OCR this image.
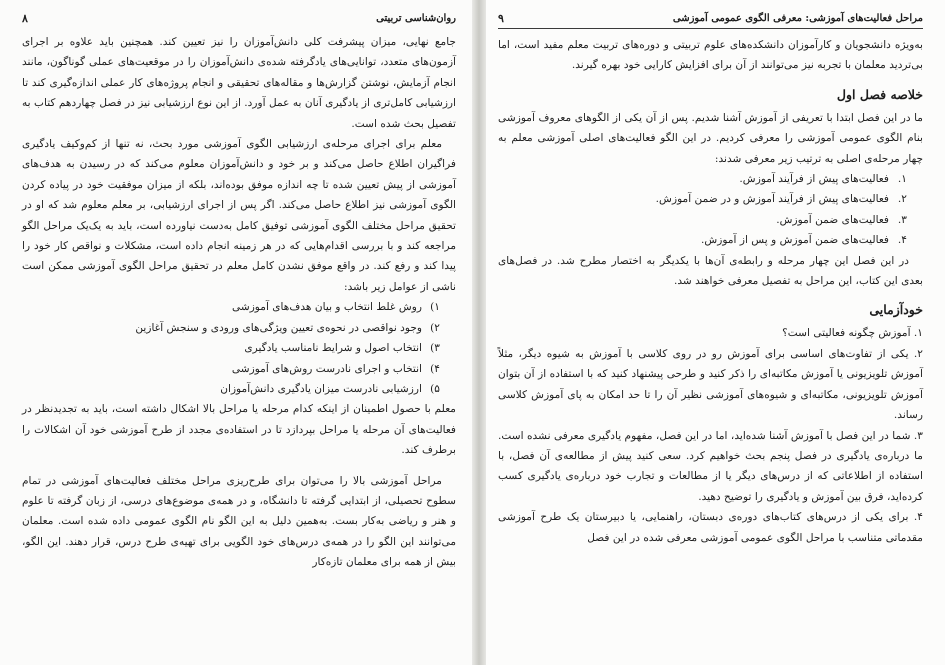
روان‌شناسی تربیتی
۸

جامع نهایی، میزان پیشرفت کلی دانش‌آموزان را نیز تعیین کند. همچنین باید علاوه بر اجرای آزمون‌های متعدد، توانایی‌های یادگرفته شده‌ی دانش‌آموزان را در موقعیت‌های عملی گوناگون، مانند انجام آزمایش، نوشتن گزارش‌ها و مقاله‌های تحقیقی و انجام پروژه‌های کار عملی اندازه‌گیری کند تا ارزشیابی کامل‌تری از یادگیری آنان به عمل آورد. از این نوع ارزشیابی نیز در فصل چهاردهم کتاب به تفصیل بحث شده است.

معلم برای اجرای مرحله‌ی ارزشیابی الگوی آموزشی مورد بحث، نه تنها از کم‌وکیف یادگیری فراگیران اطلاع حاصل می‌کند و بر خود و دانش‌آموزان معلوم می‌کند که در رسیدن به هدف‌های آموزشی از پیش تعیین شده تا چه اندازه موفق بوده‌اند، بلکه از میزان موفقیت خود در پیاده کردن الگوی آموزشی نیز اطلاع حاصل می‌کند. اگر پس از اجرای ارزشیابی، بر معلم معلوم شد که او در تحقیق مراحل مختلف الگوی آموزشی توفیق کامل به‌دست نیاورده است، باید به یک‌یک مراحل الگو مراجعه کند و با بررسی اقدام‌هایی که در هر زمینه انجام داده است، مشکلات و نواقص کار خود را پیدا کند و رفع کند. در واقع موفق نشدن کامل معلم در تحقیق مراحل الگوی آموزشی ممکن است ناشی از عوامل زیر باشد:

۱)روش غلط انتخاب و بیان هدف‌های آموزشی
۲)وجود نواقصی در نحوه‌ی تعیین ویژگی‌های ورودی و سنجش آغازین
۳)انتخاب اصول و شرایط نامناسب یادگیری
۴)انتخاب و اجرای نادرست روش‌های آموزشی
۵)ارزشیابی نادرست میزان یادگیری دانش‌آموزان

معلم با حصول اطمینان از اینکه کدام مرحله یا مراحل بالا اشکال داشته است، باید به تجدیدنظر در فعالیت‌های آن مرحله یا مراحل بپردازد تا در استفاده‌ی مجدد از طرح آموزشی خود آن اشکالات را برطرف کند.

مراحل آموزشی بالا را می‌توان برای طرح‌ریزی مراحل مختلف فعالیت‌های آموزشی در تمام سطوح تحصیلی، از ابتدایی گرفته تا دانشگاه، و در همه‌ی موضوع‌های درسی، از زبان گرفته تا علوم و هنر و ریاضی به‌کار بست. به‌همین دلیل به این الگو نام الگوی عمومی داده شده است. معلمان می‌توانند این الگو را در همه‌ی درس‌های خود الگویی برای تهیه‌ی طرح درس، قرار دهند. این الگو، بیش از همه برای معلمان تازه‌کار

مراحل فعالیت‌های آموزشی: معرفی الگوی عمومی آموزشی
۹

به‌ویژه دانشجویان و کارآموزان دانشکده‌های علوم تربیتی و دوره‌های تربیت معلم مفید است، اما بی‌تردید معلمان با تجربه نیز می‌توانند از آن برای افزایش کارایی خود بهره گیرند.

خلاصه فصل اول

ما در این فصل ابتدا با تعریفی از آموزش آشنا شدیم. پس از آن یکی از الگوهای معروف آموزشی بنام الگوی عمومی آموزشی را معرفی کردیم. در این الگو فعالیت‌های اصلی آموزشی معلم به چهار مرحله‌ی اصلی به ترتیب زیر معرفی شدند:

۱.فعالیت‌های پیش از فرآیند آموزش.
۲.فعالیت‌های پیش از فرآیند آموزش و در ضمن آموزش.
۳.فعالیت‌های ضمن آموزش.
۴.فعالیت‌های ضمن آموزش و پس از آموزش.

در این فصل این چهار مرحله و رابطه‌ی آن‌ها با یکدیگر به اختصار مطرح شد. در فصل‌های بعدی این کتاب، این مراحل به تفصیل معرفی خواهند شد.

خودآزمایی

۱. آموزش چگونه فعالیتی است؟

۲. یکی از تفاوت‌های اساسی برای آموزش رو در روی کلاسی با آموزش به شیوه دیگر، مثلاً آموزش تلویزیونی یا آموزش مکاتبه‌ای را ذکر کنید و طرحی پیشنهاد کنید که با استفاده از آن بتوان آموزش تلویزیونی، مکاتبه‌ای و شیوه‌های آموزشی نظیر آن را تا حد امکان به پای آموزش کلاسی رساند.

۳. شما در این فصل با آموزش آشنا شده‌اید، اما در این فصل، مفهوم یادگیری معرفی نشده است. ما درباره‌ی یادگیری در فصل پنجم بحث خواهیم کرد. سعی کنید پیش از مطالعه‌ی آن فصل، با استفاده از اطلاعاتی که از درس‌های دیگر یا از مطالعات و تجارب خود درباره‌ی یادگیری کسب کرده‌اید، فرق بین آموزش و یادگیری را توضیح دهید.

۴. برای یکی از درس‌های کتاب‌های دوره‌ی دبستان، راهنمایی، یا دبیرستان یک طرح آموزشی مقدماتی متناسب با مراحل الگوی عمومی آموزشی معرفی شده در این فصل
